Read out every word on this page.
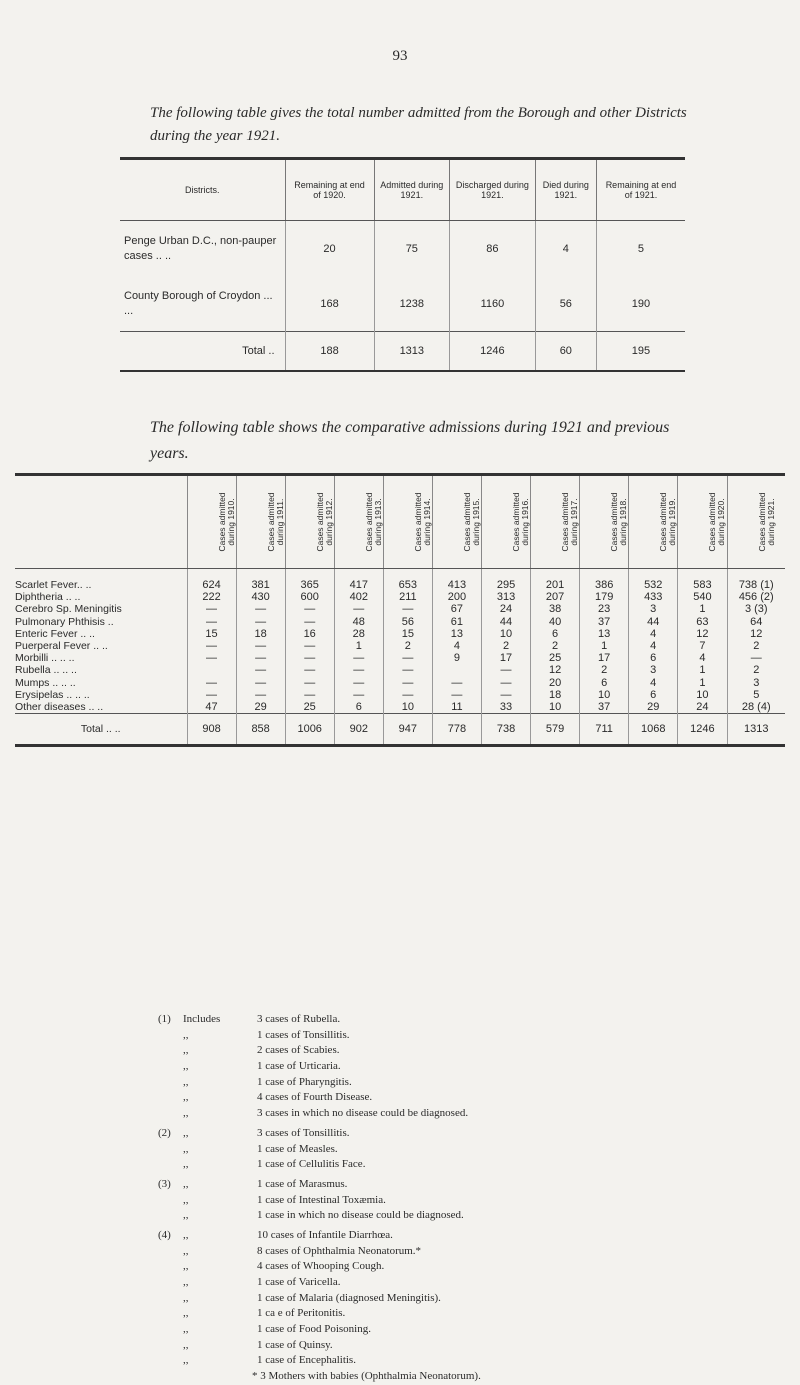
93
The following table gives the total number admitted from the Borough and other Districts during the year 1921.
Districts.	Remaining at end of 1920.	Admitted during 1921.	Discharged during 1921.	Died during 1921.	Remaining at end of 1921.
Penge Urban D.C., non-pauper cases .. ..	20	75	86	4	5
County Borough of Croydon ... ...	168	1238	1160	56	190
Total ..	188	1313	1246	60	195
The following table shows the comparative admissions during 1921 and previous years.
	Cases admitted during 1910.	Cases admitted during 1911.	Cases admitted during 1912.	Cases admitted during 1913.	Cases admitted during 1914.	Cases admitted during 1915.	Cases admitted during 1916.	Cases admitted during 1917.	Cases admitted during 1918.	Cases admitted during 1919.	Cases admitted during 1920.	Cases admitted during 1921.
Scarlet Fever.. ..	624	381	365	417	653	413	295	201	386	532	583	738 (1)
Diphtheria .. ..	222	430	600	402	211	200	313	207	179	433	540	456 (2)
Cerebro Sp. Meningitis	—	—	—	—	—	67	24	38	23	3	1	3 (3)
Pulmonary Phthisis ..	—	—	—	48	56	61	44	40	37	44	63	64
Enteric Fever .. ..	15	18	16	28	15	13	10	6	13	4	12	12
Puerperal Fever .. ..	—	—	—	1	2	4	2	2	1	4	7	2
Morbilli .. .. ..	—	—	—	—	—	9	17	25	17	6	4	—
Rubella .. .. ..		—	—	—	—		—	12	2	3	1	2
Mumps .. .. ..	—	—	—	—	—	—	—	20	6	4	1	3
Erysipelas .. .. ..	—	—	—	—	—	—	—	18	10	6	10	5
Other diseases .. ..	47	29	25	6	10	11	33	10	37	29	24	28 (4)
Total .. ..	908	858	1006	902	947	778	738	579	711	1068	1246	1313
(1) Includes	3 cases of Rubella.
,,	1 cases of Tonsillitis.
,,	2 cases of Scabies.
,,	1 case of Urticaria.
,,	1 case of Pharyngitis.
,,	4 cases of Fourth Disease.
,,	3 cases in which no disease could be diagnosed.
(2) ,,	3 cases of Tonsillitis.
,,	1 case of Measles.
,,	1 case of Cellulitis Face.
(3) ,,	1 case of Marasmus.
,,	1 case of Intestinal Toxæmia.
,,	1 case in which no disease could be diagnosed.
(4) ,,	10 cases of Infantile Diarrhœa.
,,	8 cases of Ophthalmia Neonatorum.*
,,	4 cases of Whooping Cough.
,,	1 case of Varicella.
,,	1 case of Malaria (diagnosed Meningitis).
,,	1 ca e of Peritonitis.
,,	1 case of Food Poisoning.
,,	1 case of Quinsy.
,,	1 case of Encephalitis.
* 3 Mothers with babies (Ophthalmia Neonatorum).
